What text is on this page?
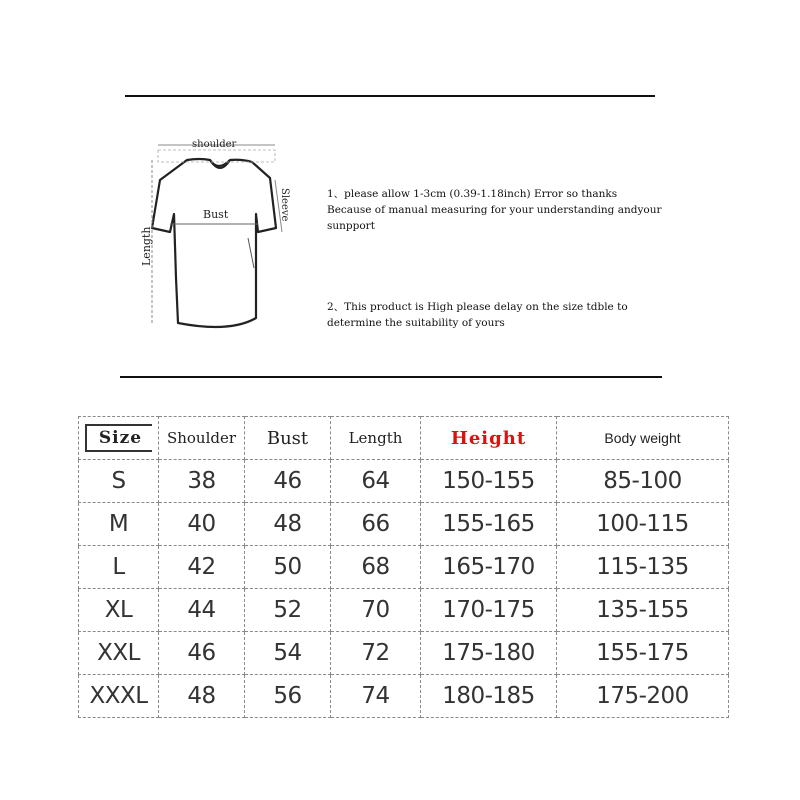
shoulder
Bust
Length
Sleeve	1、please allow 1-3cm (0.39-1.18inch) Error so thanks
Because of manual measuring for your understanding andyour
sunpport
2、This product is High please delay on the size tdble to
determine the suitability of yours
Size	Shoulder	Bust	Length	Height	Body weight
S	38	46	64	150-155	85-100
M	40	48	66	155-165	100-115
L	42	50	68	165-170	115-135
XL	44	52	70	170-175	135-155
XXL	46	54	72	175-180	155-175
XXXL	48	56	74	180-185	175-200
